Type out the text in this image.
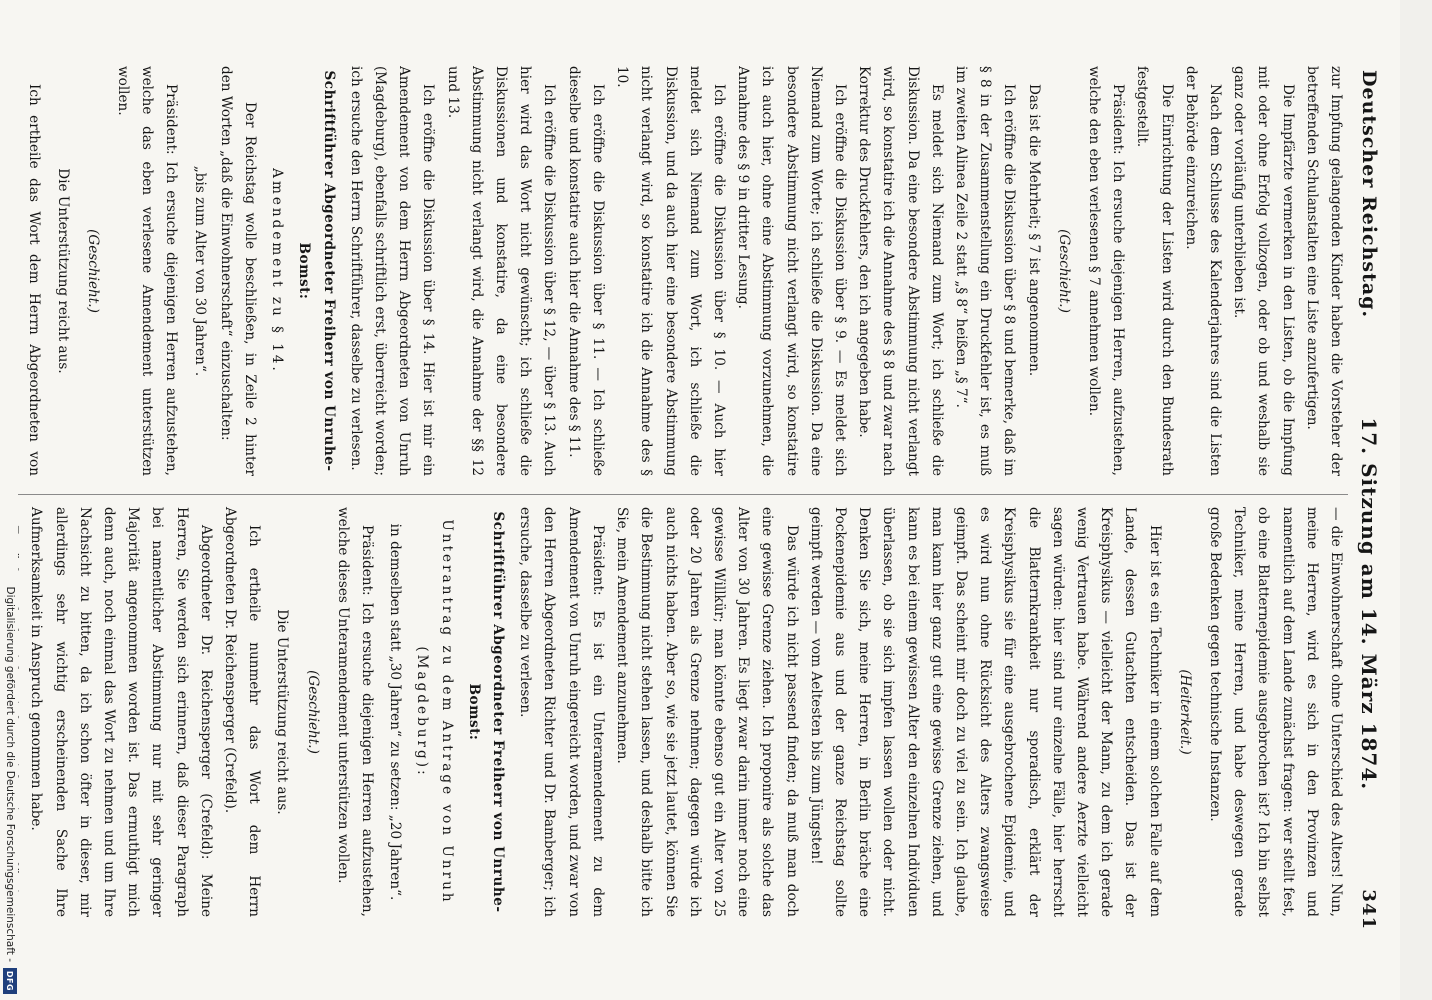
Deutscher Reichstag.
17. Sitzung am 14. März 1874.
341

zur Impfung gelangenden Kinder haben die Vorsteher der betreffenden Schulanstalten eine Liste anzufertigen.

Die Impfärzte vermerken in den Listen, ob die Impfung mit oder ohne Erfolg vollzogen, oder ob und weshalb sie ganz oder vorläufig unterblieben ist.

Nach dem Schlusse des Kalenderjahres sind die Listen der Behörde einzureichen.

Die Einrichtung der Listen wird durch den Bundesrath festgestellt.

Präsident: Ich ersuche diejenigen Herren, aufzustehen, welche den eben verlesenen § 7 annehmen wollen.

(Geschieht.)

Das ist die Mehrheit; § 7 ist angenommen.

Ich eröffne die Diskussion über § 8 und bemerke, daß im § 8 in der Zusammenstellung ein Druckfehler ist, es muß im zweiten Alinea Zeile 2 statt „§ 8“ heißen „§ 7“.

Es meldet sich Niemand zum Wort; ich schließe die Diskussion. Da eine besondere Abstimmung nicht verlangt wird, so konstatire ich die Annahme des § 8 und zwar nach Korrektur des Druckfehlers, den ich angegeben habe.

Ich eröffne die Diskussion über § 9. — Es meldet sich Niemand zum Worte; ich schließe die Diskussion. Da eine besondere Abstimmung nicht verlangt wird, so konstatire ich auch hier, ohne eine Abstimmung vorzunehmen, die Annahme des § 9 in dritter Lesung.

Ich eröffne die Diskussion über § 10. — Auch hier meldet sich Niemand zum Wort, ich schließe die Diskussion, und da auch hier eine besondere Abstimmung nicht verlangt wird, so konstatire ich die Annahme des § 10.

Ich eröffne die Diskussion über § 11. — Ich schließe dieselbe und konstatire auch hier die Annahme des § 11.

Ich eröffne die Diskussion über § 12, — über § 13. Auch hier wird das Wort nicht gewünscht; ich schließe die Diskussionen und konstatire, da eine besondere Abstimmung nicht verlangt wird, die Annahme der §§ 12 und 13.

Ich eröffne die Diskussion über § 14. Hier ist mir ein Amendement von dem Herrn Abgeordneten von Unruh (Magdeburg), ebenfalls schriftlich erst, überreicht worden; ich ersuche den Herrn Schriftführer, dasselbe zu verlesen.

Schriftführer Abgeordneter Freiherr von Unruhe-Bomst:

Amendement zu § 14.

Der Reichstag wolle beschließen, in Zeile 2 hinter den Worten „daß die Einwohnerschaft“ einzuschalten:

„bis zum Alter von 30 Jahren“.

Präsident: Ich ersuche diejenigen Herren aufzustehen, welche das eben verlesene Amendement unterstützen wollen.

(Geschieht.)

Die Unterstützung reicht aus.

Ich ertheile das Wort dem Herrn Abgeordneten von

— die Einwohnerschaft ohne Unterschied des Alters! Nun, meine Herren, wird es sich in den Provinzen und namentlich auf dem Lande zunächst fragen: wer stellt fest, ob eine Blatternepidemie ausgebrochen ist? Ich bin selbst Techniker, meine Herren, und habe deswegen gerade große Bedenken gegen technische Instanzen.

(Heiterkeit.)

Hier ist es ein Techniker in einem solchen Falle auf dem Lande, dessen Gutachten entscheiden. Das ist der Kreisphysikus — vielleicht der Mann, zu dem ich gerade wenig Vertrauen habe. Während andere Aerzte vielleicht sagen würden: hier sind nur einzelne Fälle, hier herrscht die Blatternkrankheit nur sporadisch, erklärt der Kreisphysikus sie für eine ausgebrochene Epidemie, und es wird nun ohne Rücksicht des Alters zwangsweise geimpft. Das scheint mir doch zu viel zu sein. Ich glaube, man kann hier ganz gut eine gewisse Grenze ziehen, und kann es bei einem gewissen Alter den einzelnen Individuen überlassen, ob sie sich impfen lassen wollen oder nicht. Denken Sie sich, meine Herren, in Berlin bräche eine Pockenepidemie aus und der ganze Reichstag sollte geimpft werden — vom Aeltesten bis zum Jüngsten!

Das würde ich nicht passend finden; da muß man doch eine gewisse Grenze ziehen. Ich proponire als solche das Alter von 30 Jahren. Es liegt zwar darin immer noch eine gewisse Willkür; man könnte ebenso gut ein Alter von 25 oder 20 Jahren als Grenze nehmen; dagegen würde ich auch nichts haben. Aber so, wie sie jetzt lautet, können Sie die Bestimmung nicht stehen lassen, und deshalb bitte ich Sie, mein Amendement anzunehmen.

Präsident: Es ist ein Unteramendement zu dem Amendement von Unruh eingereicht worden, und zwar von den Herren Abgeordneten Richter und Dr. Bamberger; ich ersuche, dasselbe zu verlesen.

Schriftführer Abgeordneter Freiherr von Unruhe-Bomst:

Unterantrag zu dem Antrage von Unruh (Magdeburg):

in demselben statt „30 Jahren“ zu setzen: „20 Jahren“.

Präsident: Ich ersuche diejenigen Herren aufzustehen, welche dieses Unteramendement unterstützen wollen.

(Geschieht.)

Die Unterstützung reicht aus.

Ich ertheile nunmehr das Wort dem Herrn Abgeordneten Dr. Reichensperger (Crefeld).

Abgeordneter Dr. Reichensperger (Crefeld): Meine Herren, Sie werden sich erinnern, daß dieser Paragraph bei namentlicher Abstimmung nur mit sehr geringer Majorität angenommen worden ist. Das ermuthigt mich denn auch, noch einmal das Wort zu nehmen und um Ihre Nachsicht zu bitten, da ich schon öfter in dieser, mir allerdings sehr wichtig erscheinenden Sache Ihre Aufmerksamkeit in Anspruch genommen habe.

Zunächst, denke ich, wird es nicht ein unzulässiges

Digitalisierung gefördert durch die Deutsche Forschungsgemeinschaft -
DFG
